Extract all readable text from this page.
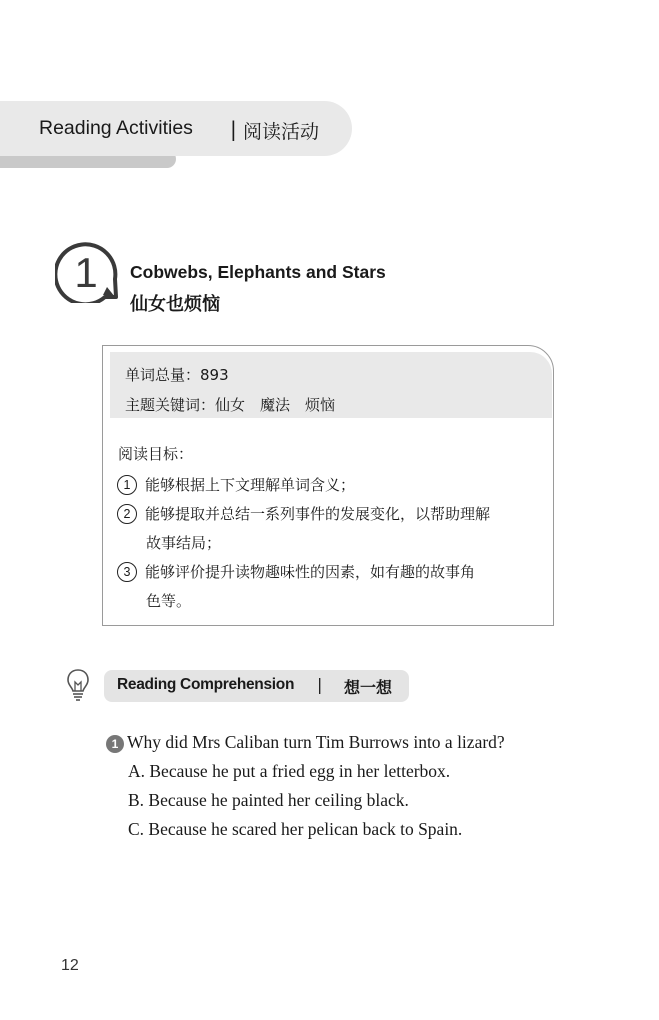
Reading Activities | 阅读活动
1 Cobwebs, Elephants and Stars
仙女也烦恼
单词总量：893
主题关键词：仙女 魔法 烦恼
阅读目标：
1 能够根据上下文理解单词含义；
2 能够提取并总结一系列事件的发展变化，以帮助理解
故事结局；
3 能够评价提升读物趣味性的因素，如有趣的故事角
色等。
Reading Comprehension | 想一想
1 Why did Mrs Caliban turn Tim Burrows into a lizard?
A. Because he put a fried egg in her letterbox.
B. Because he painted her ceiling black.
C. Because he scared her pelican back to Spain.
12
